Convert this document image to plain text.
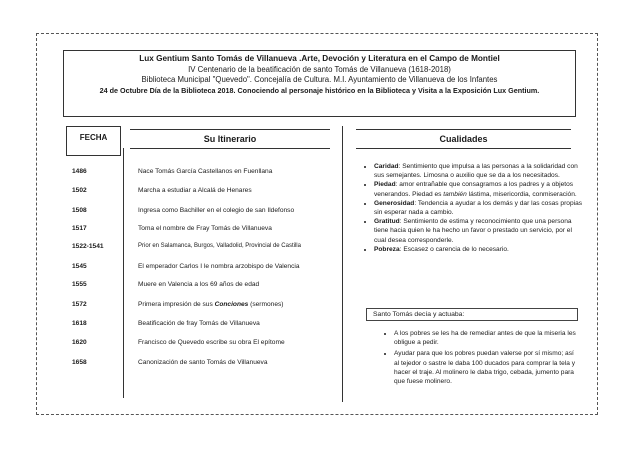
Lux Gentium Santo Tomás de Villanueva .Arte, Devoción y Literatura en el Campo de Montiel
IV Centenario de la beatificación de santo Tomás de Villanueva (1618-2018)
Biblioteca Municipal "Quevedo". Concejalía de Cultura. M.I. Ayuntamiento de Villanueva de los Infantes
24 de Octubre Día de la Biblioteca 2018. Conociendo al personaje histórico en la Biblioteca y Visita a la Exposición Lux Gentium.
FECHA	Su Itinerario	Cualidades
1486	Nace Tomás García Castellanos en Fuenllana
1502	Marcha a estudiar a Alcalá de Henares
1508	Ingresa como Bachiller en el colegio de san Ildefonso
1517	Toma el nombre de Fray Tomás de Villanueva
1522-1541	Prior en Salamanca, Burgos, Valladolid, Provincial de Castilla
1545	El emperador Carlos I le nombra arzobispo de Valencia
1555	Muere en Valencia a los 69 años de edad
1572	Primera impresión de sus Conciones (sermones)
1618	Beatificación de fray Tomás de Villanueva
1620	Francisco de Quevedo escribe su obra El epítome
1658	Canonización de santo Tomás de Villanueva
• Caridad: Sentimiento que impulsa a las personas a la solidaridad con sus semejantes. Limosna o auxilio que se da a los necesitados.
• Piedad: amor entrañable que consagramos a los padres y a objetos venerandos. Piedad es también lástima, misericordia, conmiseración.
• Generosidad: Tendencia a ayudar a los demás y dar las cosas propias sin esperar nada a cambio.
• Gratitud: Sentimiento de estima y reconocimiento que una persona tiene hacia quien le ha hecho un favor o prestado un servicio, por el cual desea corresponderle.
• Pobreza: Escasez o carencia de lo necesario.
Santo Tomás decía y actuaba:
• A los pobres se les ha de remediar antes de que la miseria les obligue a pedir.
• Ayudar para que los pobres puedan valerse por sí mismo; así al tejedor o sastre le daba 100 ducados para comprar la tela y hacer el traje. Al molinero le daba trigo, cebada, jumento para que fuese molinero.
